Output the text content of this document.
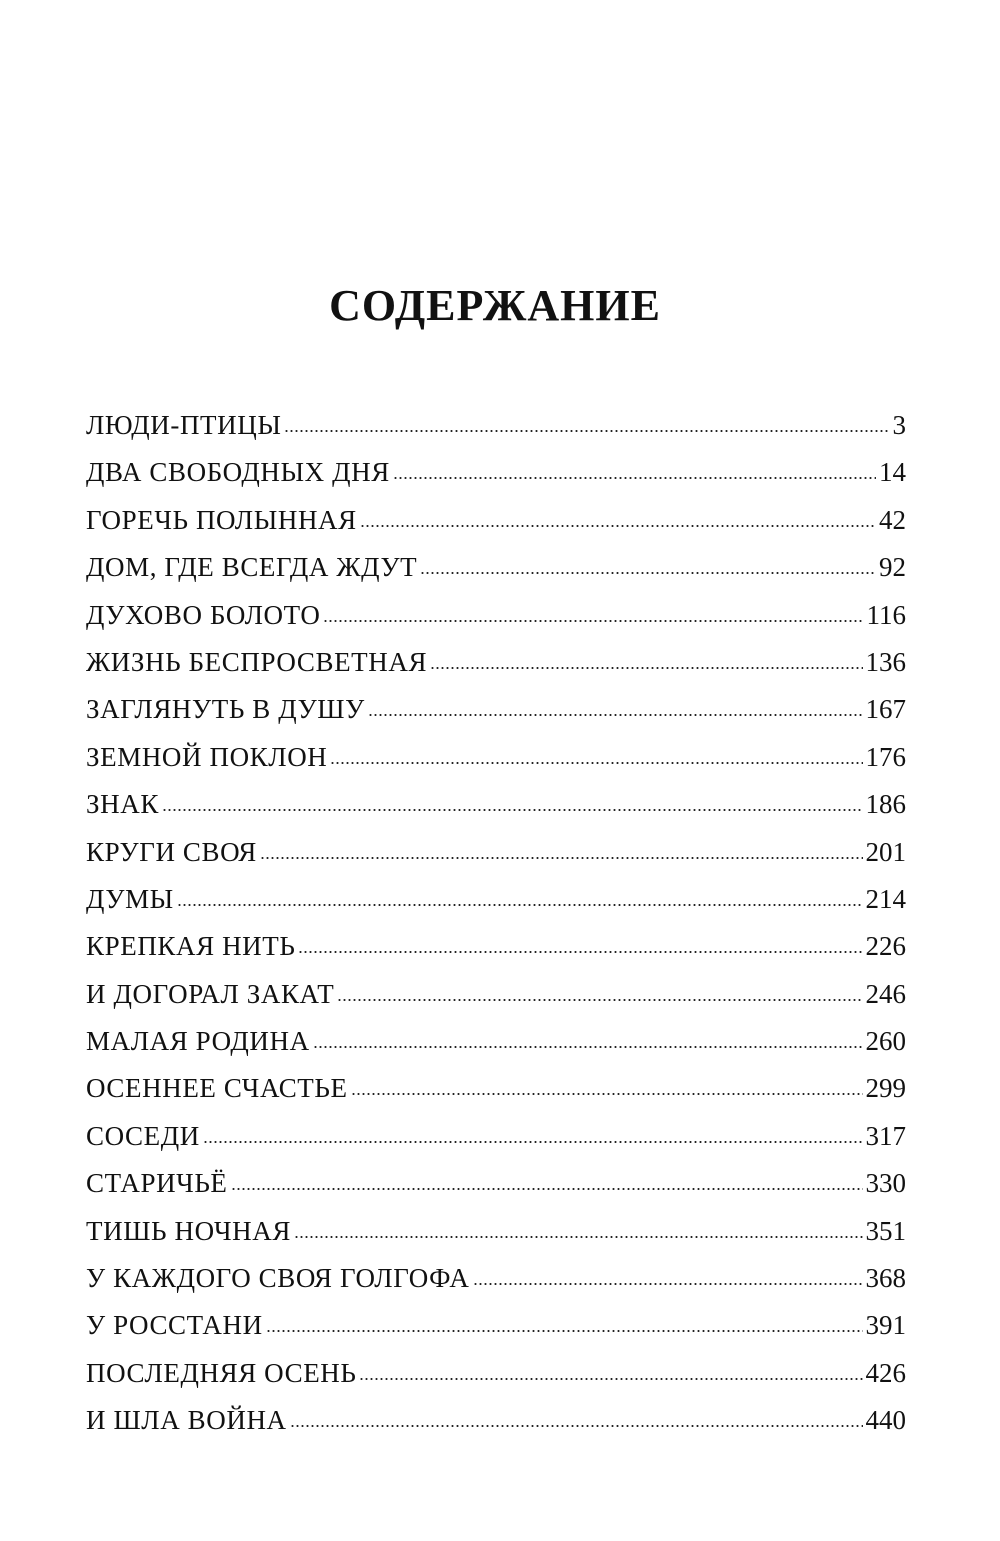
СОДЕРЖАНИЕ
ЛЮДИ-ПТИЦЫ	3
ДВА СВОБОДНЫХ ДНЯ	14
ГОРЕЧЬ ПОЛЫННАЯ	42
ДОМ, ГДЕ ВСЕГДА ЖДУТ	92
ДУХОВО БОЛОТО	116
ЖИЗНЬ БЕСПРОСВЕТНАЯ	136
ЗАГЛЯНУТЬ В ДУШУ	167
ЗЕМНОЙ ПОКЛОН	176
ЗНАК	186
КРУГИ СВОЯ	201
ДУМЫ	214
КРЕПКАЯ НИТЬ	226
И ДОГОРАЛ ЗАКАТ	246
МАЛАЯ РОДИНА	260
ОСЕННЕЕ СЧАСТЬЕ	299
СОСЕДИ	317
СТАРИЧЬЁ	330
ТИШЬ НОЧНАЯ	351
У КАЖДОГО СВОЯ ГОЛГОФА	368
У РОССТАНИ	391
ПОСЛЕДНЯЯ ОСЕНЬ	426
И ШЛА ВОЙНА	440
